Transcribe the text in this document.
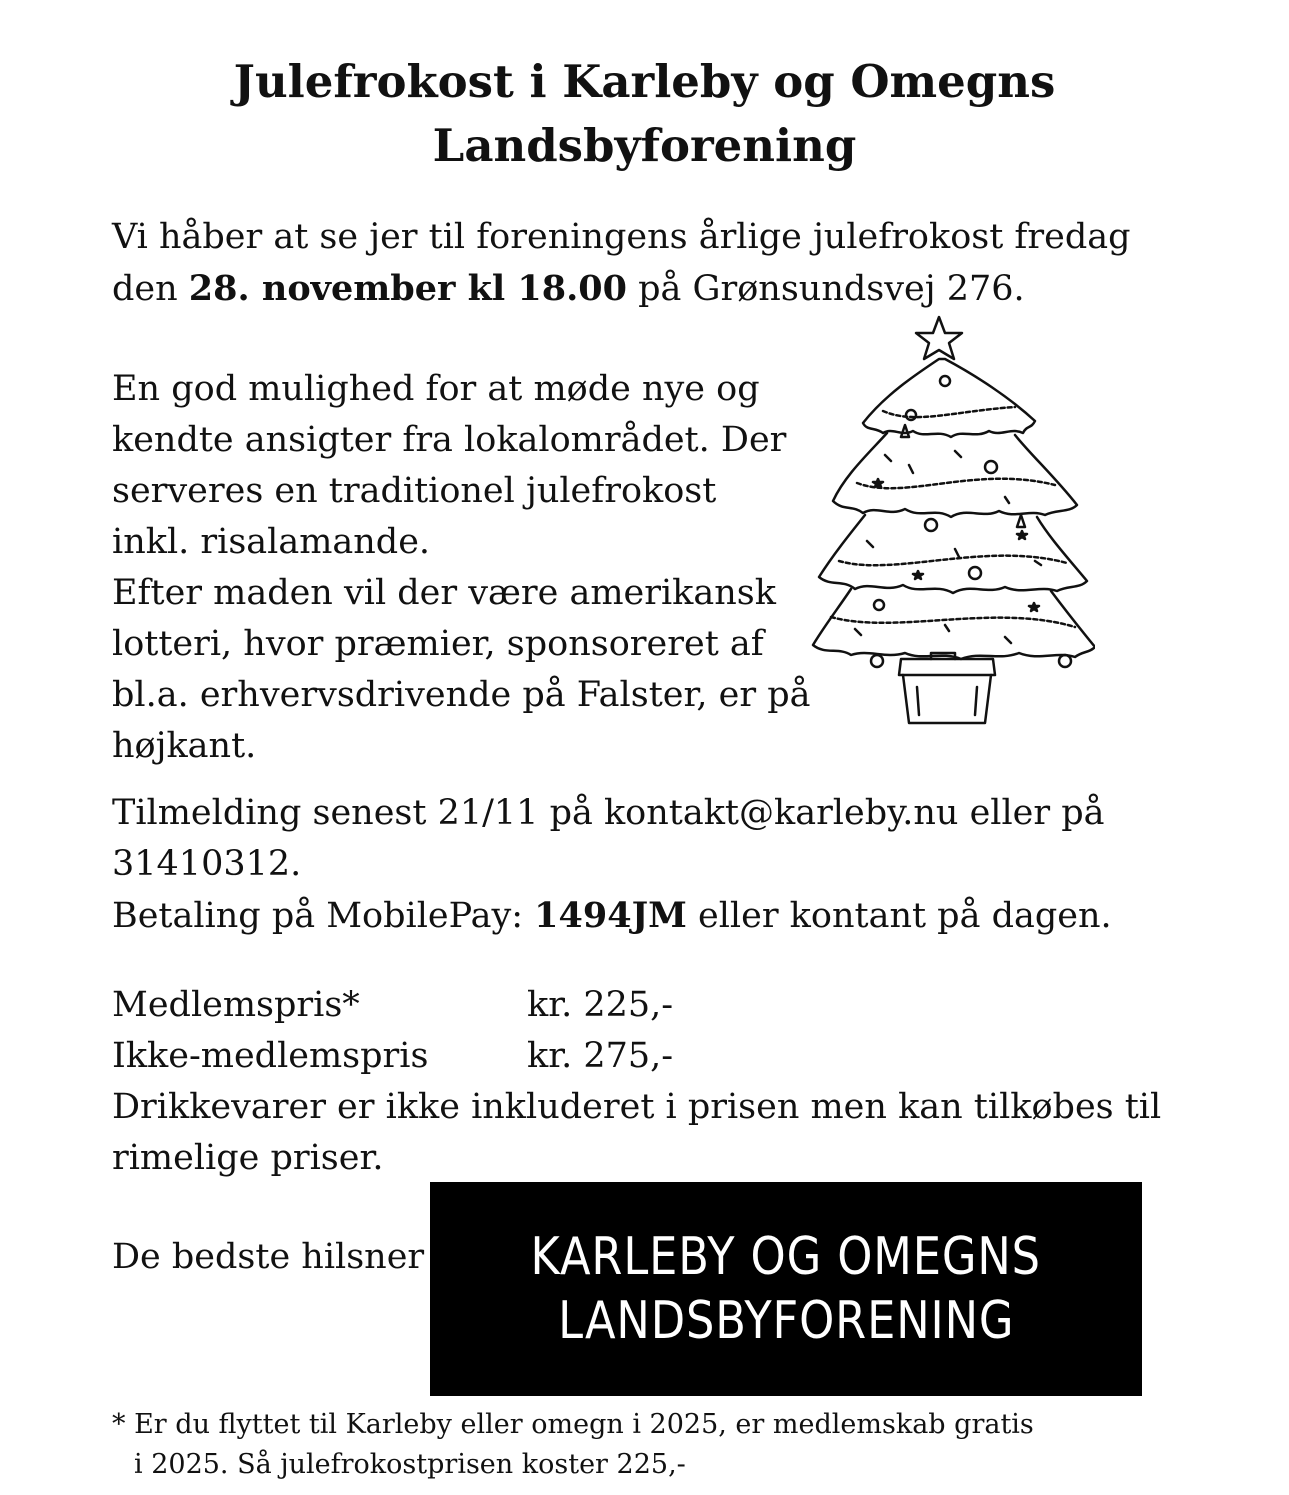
Julefrokost i Karleby og Omegns
Landsbyforening

Vi håber at se jer til foreningens årlige julefrokost fredag den 28. november kl 18.00 på Grønsundsvej 276.

En god mulighed for at møde nye og
kendte ansigter fra lokalområdet. Der
serveres en traditionel julefrokost
inkl. risalamande.
Efter maden vil der være amerikansk
lotteri, hvor præmier, sponsoreret af
bl.a. erhvervsdrivende på Falster, er på
højkant.

Tilmelding senest 21/11 på kontakt@karleby.nu eller på 31410312.
Betaling på MobilePay: 1494JM eller kontant på dagen.

Medlemspris*	kr. 225,-
Ikke-medlemspris	kr. 275,-
Drikkevarer er ikke inkluderet i prisen men kan tilkøbes til rimelige priser.

De bedste hilsner KARLEBY OG OMEGNS
LANDSBYFORENING

* Er du flyttet til Karleby eller omegn i 2025, er medlemskab gratis
i 2025. Så julefrokostprisen koster 225,-
